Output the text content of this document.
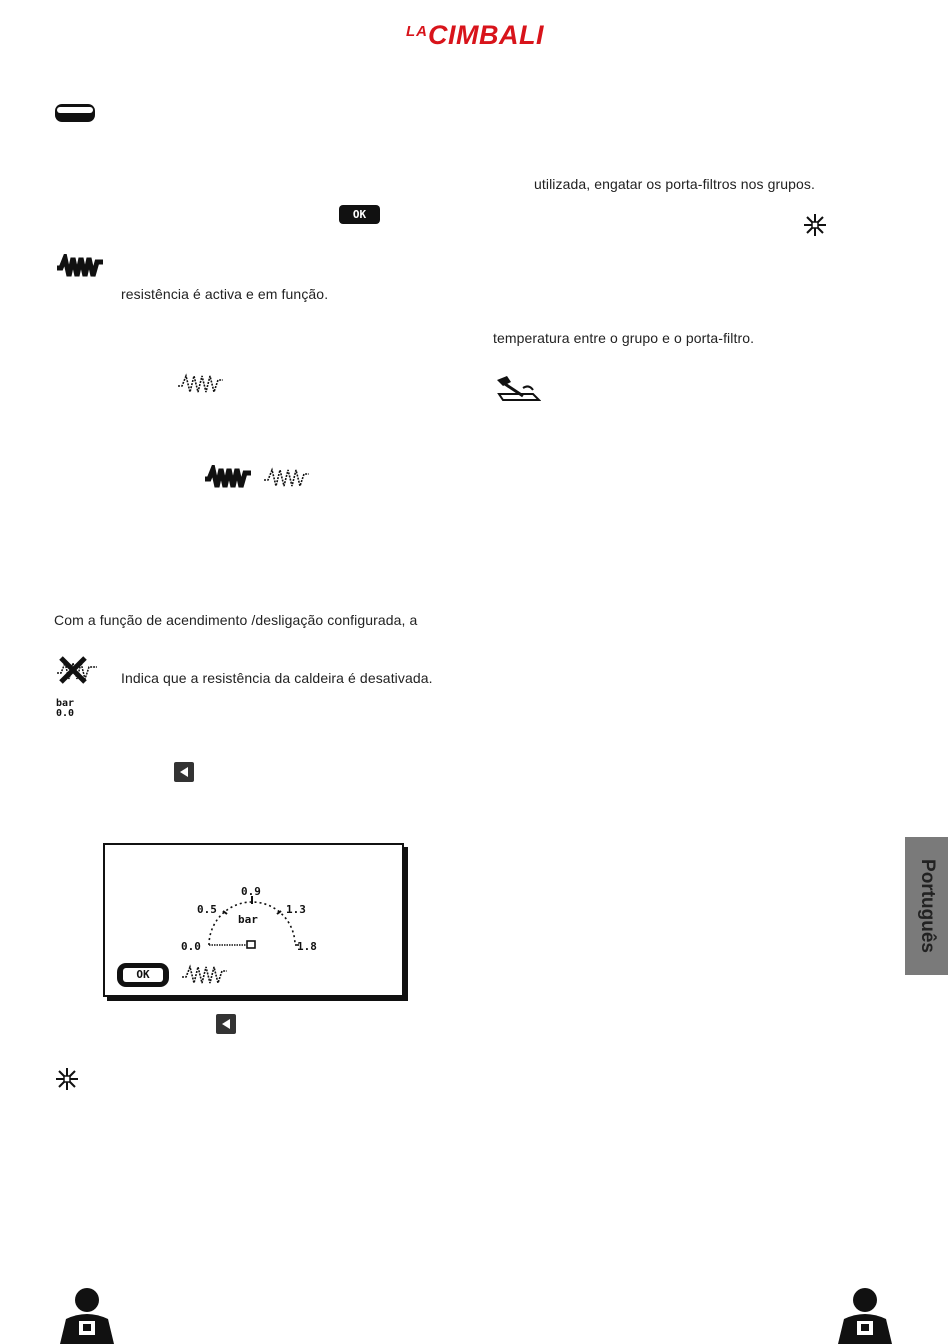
LACIMBALI
OK
resistência é activa e em função.
Com a função de acendimento /desligação configurada, a
Indica que a resistência da caldeira é desativada.
bar
0.0
0.9
0.5	1.3
bar
0.0	1.8
OK
utilizada, engatar os porta-filtros nos grupos.
temperatura entre o grupo e o porta-filtro.
Português
